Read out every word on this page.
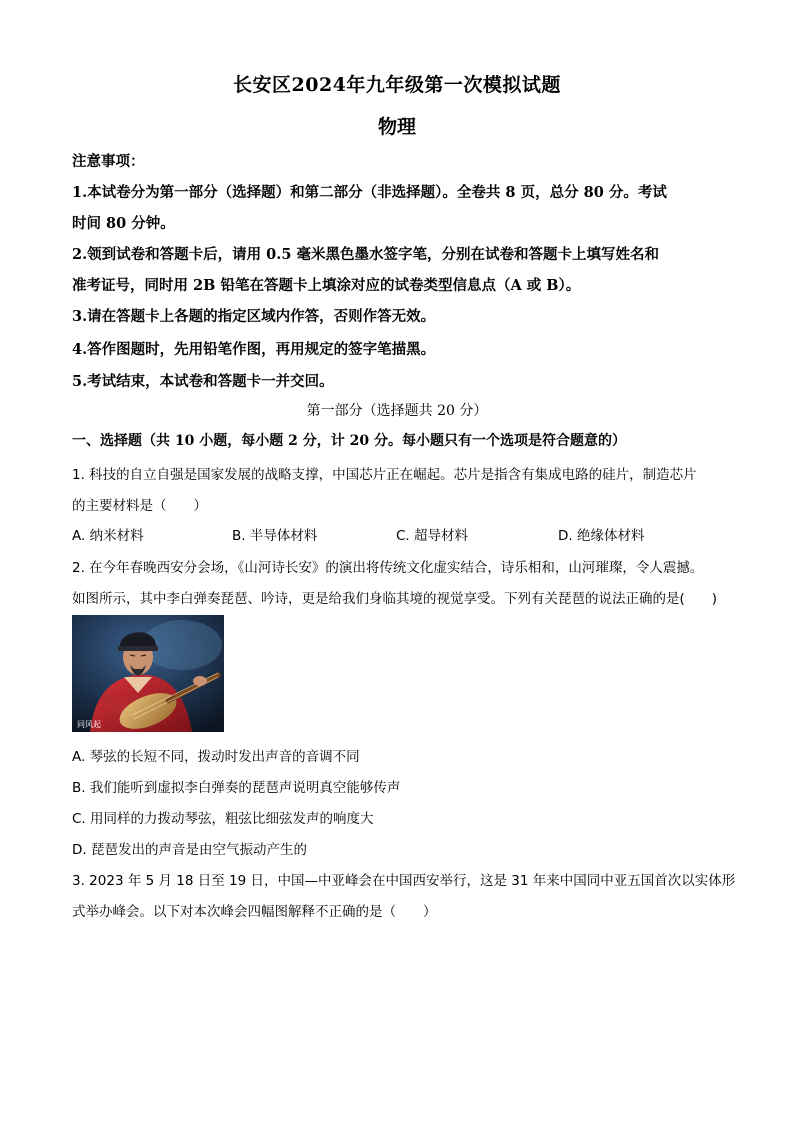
长安区2024年九年级第一次模拟试题
物理
注意事项：
1.本试卷分为第一部分（选择题）和第二部分（非选择题）。全卷共 8 页，总分 80 分。考试
时间 80 分钟。
2.领到试卷和答题卡后，请用 0.5 毫米黑色墨水签字笔，分别在试卷和答题卡上填写姓名和
准考证号，同时用 2B 铅笔在答题卡上填涂对应的试卷类型信息点（A 或 B）。
3.请在答题卡上各题的指定区域内作答，否则作答无效。
4.答作图题时，先用铅笔作图，再用规定的签字笔描黑。
5.考试结束，本试卷和答题卡一并交回。
第一部分（选择题共 20 分）
一、选择题（共 10 小题，每小题 2 分，计 20 分。每小题只有一个选项是符合题意的）
1. 科技的自立自强是国家发展的战略支撑，中国芯片正在崛起。芯片是指含有集成电路的硅片，制造芯片
的主要材料是（　　）
A. 纳米材料	B. 半导体材料	C. 超导材料	D. 绝缘体材料
2. 在今年春晚西安分会场，《山河诗长安》的演出将传统文化虚实结合，诗乐相和，山河璀璨，令人震撼。
如图所示，其中李白弹奏琵琶、吟诗，更是给我们身临其境的视觉享受。下列有关琵琶的说法正确的是(　　)
同风起
A. 琴弦的长短不同，拨动时发出声音的音调不同
B. 我们能听到虚拟李白弹奏的琵琶声说明真空能够传声
C. 用同样的力拨动琴弦，粗弦比细弦发声的响度大
D. 琵琶发出的声音是由空气振动产生的
3. 2023 年 5 月 18 日至 19 日，中国—中亚峰会在中国西安举行，这是 31 年来中国同中亚五国首次以实体形
式举办峰会。以下对本次峰会四幅图解释不正确的是（　　）
